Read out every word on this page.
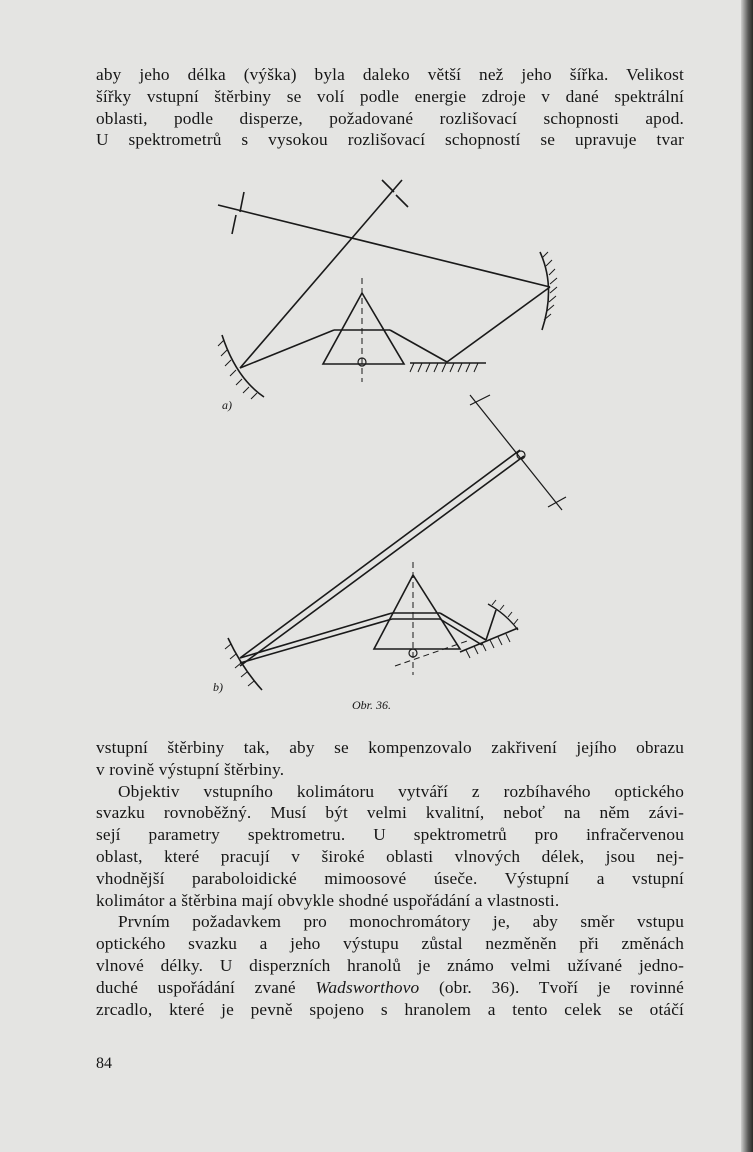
aby jeho délka (výška) byla daleko větší než jeho šířka. Velikost
šířky vstupní štěrbiny se volí podle energie zdroje v dané spektrální
oblasti, podle disperze, požadované rozlišovací schopnosti apod.
U spektrometrů s vysokou rozlišovací schopností se upravuje tvar
a)
b)
Obr. 36.
vstupní štěrbiny tak, aby se kompenzovalo zakřivení jejího obrazu
v rovině výstupní štěrbiny.
Objektiv vstupního kolimátoru vytváří z rozbíhavého optického
svazku rovnoběžný. Musí být velmi kvalitní, neboť na něm závi-
sejí parametry spektrometru. U spektrometrů pro infračervenou
oblast, které pracují v široké oblasti vlnových délek, jsou nej-
vhodnější paraboloidické mimoosové úseče. Výstupní a vstupní
kolimátor a štěrbina mají obvykle shodné uspořádání a vlastnosti.
Prvním požadavkem pro monochromátory je, aby směr vstupu
optického svazku a jeho výstupu zůstal nezměněn při změnách
vlnové délky. U disperzních hranolů je známo velmi užívané jedno-
duché uspořádání zvané Wadsworthovo (obr. 36). Tvoří je rovinné
zrcadlo, které je pevně spojeno s hranolem a tento celek se otáčí
84
